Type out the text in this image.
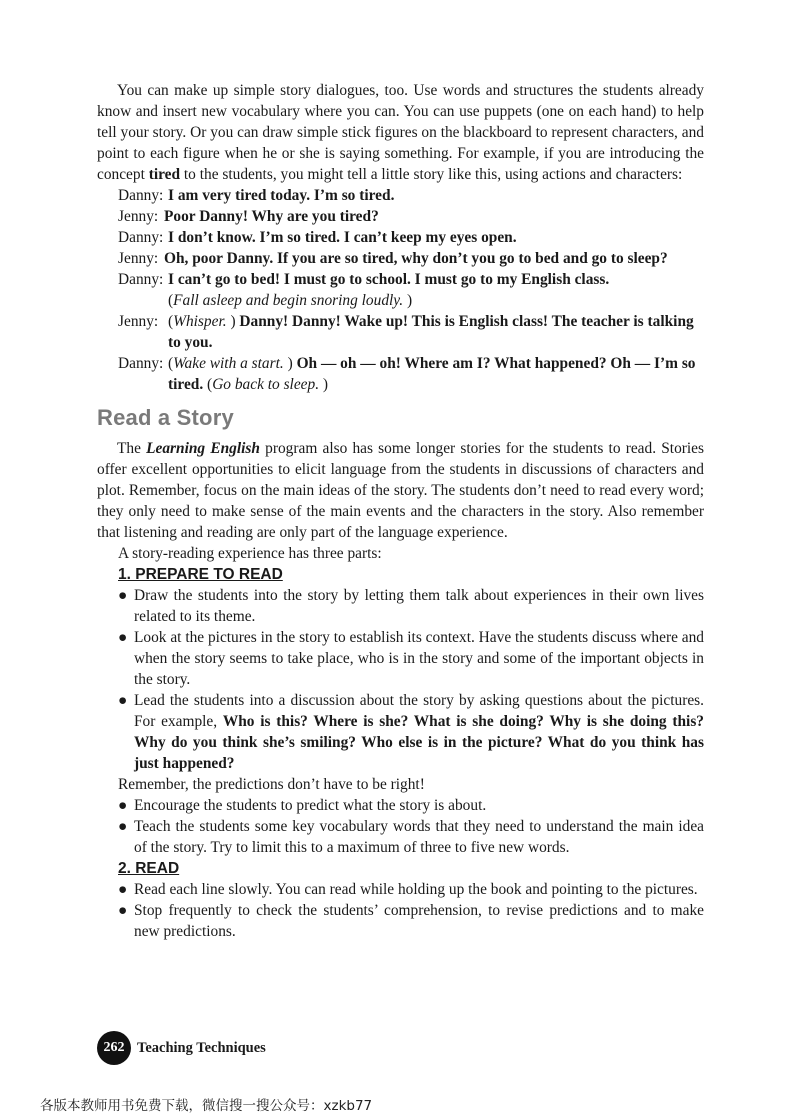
You can make up simple story dialogues, too. Use words and structures the students already know and insert new vocabulary where you can. You can use puppets (one on each hand) to help tell your story. Or you can draw simple stick figures on the blackboard to represent characters, and point to each figure when he or she is saying something. For example, if you are introducing the concept tired to the students, you might tell a little story like this, using actions and characters:

Danny: I am very tired today. I’m so tired.
Jenny: Poor Danny! Why are you tired?
Danny: I don’t know. I’m so tired. I can’t keep my eyes open.
Jenny: Oh, poor Danny. If you are so tired, why don’t you go to bed and go to sleep?
Danny: I can’t go to bed! I must go to school. I must go to my English class.
(Fall asleep and begin snoring loudly. )
Jenny: (Whisper. ) Danny! Danny! Wake up! This is English class! The teacher is talking to you.
Danny: (Wake with a start. ) Oh — oh — oh! Where am I? What happened? Oh — I’m so tired. (Go back to sleep. )
Read a Story

The Learning English program also has some longer stories for the students to read. Stories offer excellent opportunities to elicit language from the students in discussions of characters and plot. Remember, focus on the main ideas of the story. The students don’t need to read every word; they only need to make sense of the main events and the characters in the story. Also remember that listening and reading are only part of the language experience.

A story-reading experience has three parts:

1. PREPARE TO READ
● Draw the students into the story by letting them talk about experiences in their own lives related to its theme.
● Look at the pictures in the story to establish its context. Have the students discuss where and when the story seems to take place, who is in the story and some of the important objects in the story.
● Lead the students into a discussion about the story by asking questions about the pictures. For example, Who is this? Where is she? What is she doing? Why is she doing this? Why do you think she’s smiling? Who else is in the picture? What do you think has just happened?

Remember, the predictions don’t have to be right!

● Encourage the students to predict what the story is about.
● Teach the students some key vocabulary words that they need to understand the main idea of the story. Try to limit this to a maximum of three to five new words.
2. READ
● Read each line slowly. You can read while holding up the book and pointing to the pictures.
● Stop frequently to check the students’ comprehension, to revise predictions and to make new predictions.
262 Teaching Techniques
各版本教师用书免费下载，微信搜一搜公众号：xzkb77
